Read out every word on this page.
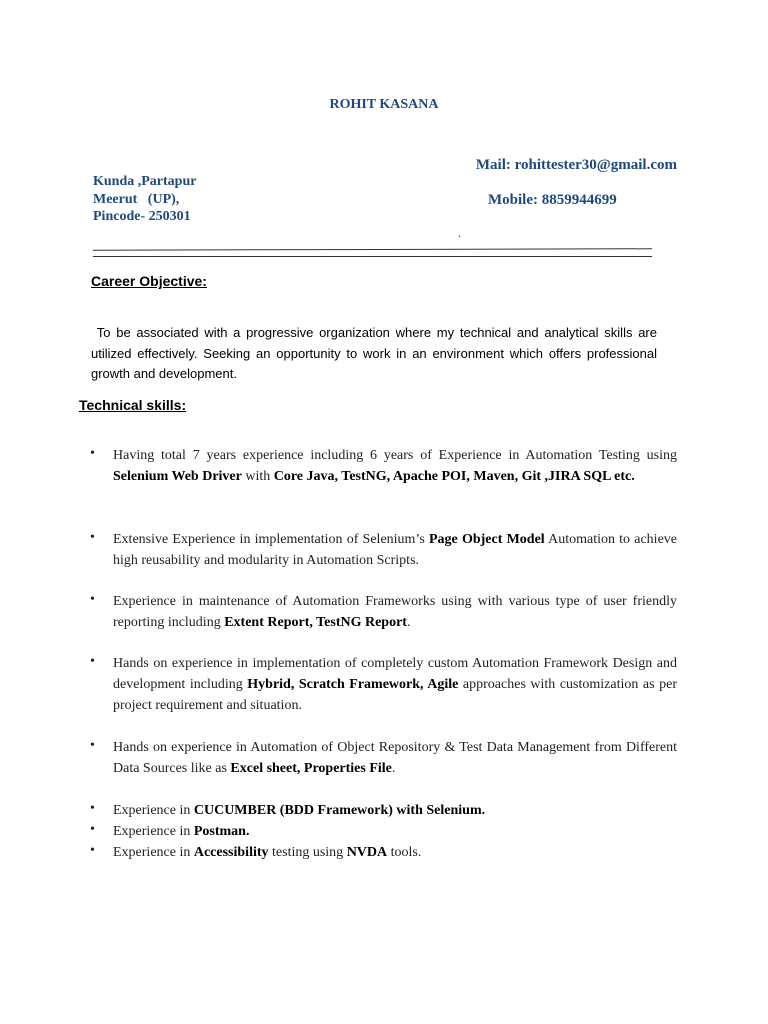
ROHIT KASANA
Mail: rohittester30@gmail.com
Mobile: 8859944699
Kunda ,Partapur
Meerut   (UP),
Pincode- 250301
.
Career Objective:
To be associated with a progressive organization where my technical and analytical skills are utilized effectively. Seeking an opportunity to work in an environment which offers professional growth and development.
Technical skills:
• Having total 7 years experience including 6 years of Experience in Automation Testing using Selenium Web Driver with Core Java, TestNG, Apache POI, Maven, Git ,JIRA SQL etc.
• Extensive Experience in implementation of Selenium’s Page Object Model Automation to achieve high reusability and modularity in Automation Scripts.
• Experience in maintenance of Automation Frameworks using with various type of user friendly reporting including Extent Report, TestNG Report.
• Hands on experience in implementation of completely custom Automation Framework Design and development including Hybrid, Scratch Framework, Agile approaches with customization as per project requirement and situation.
• Hands on experience in Automation of Object Repository & Test Data Management from Different Data Sources like as Excel sheet, Properties File.
• Experience in CUCUMBER (BDD Framework) with Selenium.
• Experience in Postman.
• Experience in Accessibility testing using NVDA tools.
